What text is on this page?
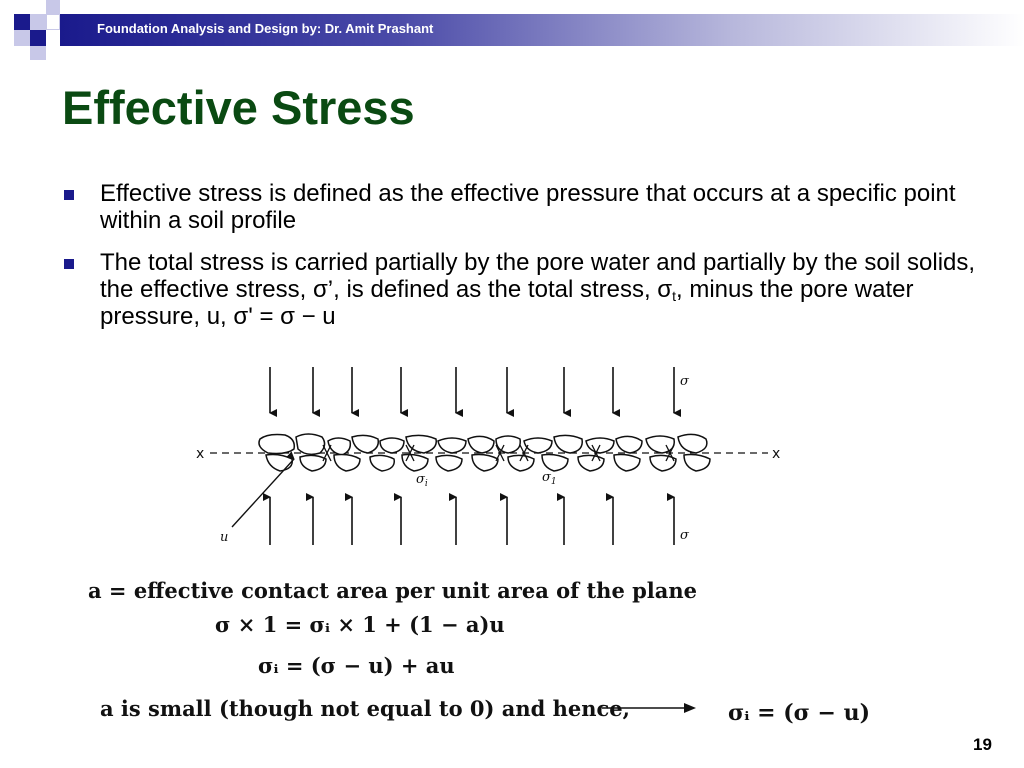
Foundation Analysis and Design by: Dr. Amit Prashant
Effective Stress
Effective stress is defined as the effective pressure that occurs at a specific point within a soil profile
The total stress is carried partially by the pore water and partially by the soil solids, the effective stress, σ’, is defined as the total stress, $\sigma_t$, minus the pore water pressure, u, σ' = σ − u
σ
σ
u
$\sigma_i$	$\sigma_1$
x	x
a = effective contact area per unit area of the plane
σ × 1 = σᵢ × 1 + (1 − a)u
σᵢ = (σ − u) + au
a is small (though not equal to 0) and hence,	σᵢ = (σ − u)
19
